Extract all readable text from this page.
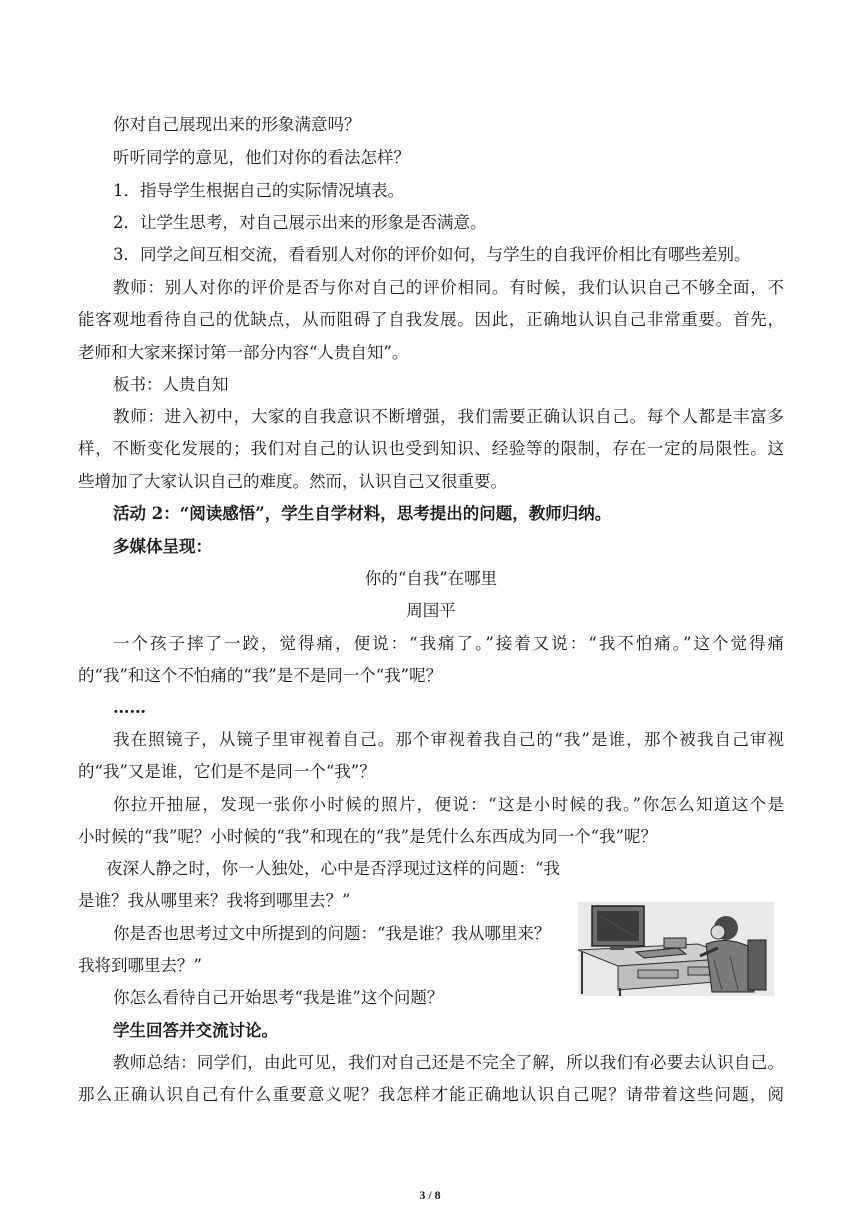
你对自己展现出来的形象满意吗？
听听同学的意见，他们对你的看法怎样？
1．指导学生根据自己的实际情况填表。
2．让学生思考，对自己展示出来的形象是否满意。
3．同学之间互相交流，看看别人对你的评价如何，与学生的自我评价相比有哪些差别。
教师：别人对你的评价是否与你对自己的评价相同。有时候，我们认识自己不够全面，不
能客观地看待自己的优缺点，从而阻碍了自我发展。因此，正确地认识自己非常重要。首先，
老师和大家来探讨第一部分内容“人贵自知”。
板书：人贵自知
教师：进入初中，大家的自我意识不断增强，我们需要正确认识自己。每个人都是丰富多
样，不断变化发展的；我们对自己的认识也受到知识、经验等的限制，存在一定的局限性。这
些增加了大家认识自己的难度。然而，认识自己又很重要。
活动 2：“阅读感悟”，学生自学材料，思考提出的问题，教师归纳。
多媒体呈现：
你的“自我”在哪里
周国平
一个孩子摔了一跤，觉得痛，便说：“我痛了。”接着又说：“我不怕痛。”这个觉得痛
的“我”和这个不怕痛的“我”是不是同一个“我”呢？
……
我在照镜子，从镜子里审视着自己。那个审视着我自己的“我”是谁，那个被我自己审视
的“我”又是谁，它们是不是同一个“我”？
你拉开抽屉，发现一张你小时候的照片，便说：“这是小时候的我。”你怎么知道这个是
小时候的“我”呢？小时候的“我”和现在的“我”是凭什么东西成为同一个“我”呢？
夜深人静之时，你一人独处，心中是否浮现过这样的问题：“我
是谁？我从哪里来？我将到哪里去？”
你是否也思考过文中所提到的问题：“我是谁？我从哪里来？
我将到哪里去？”
你怎么看待自己开始思考“我是谁”这个问题？
学生回答并交流讨论。
教师总结：同学们，由此可见，我们对自己还是不完全了解，所以我们有必要去认识自己。
那么正确认识自己有什么重要意义呢？我怎样才能正确地认识自己呢？请带着这些问题，阅
3 / 8
